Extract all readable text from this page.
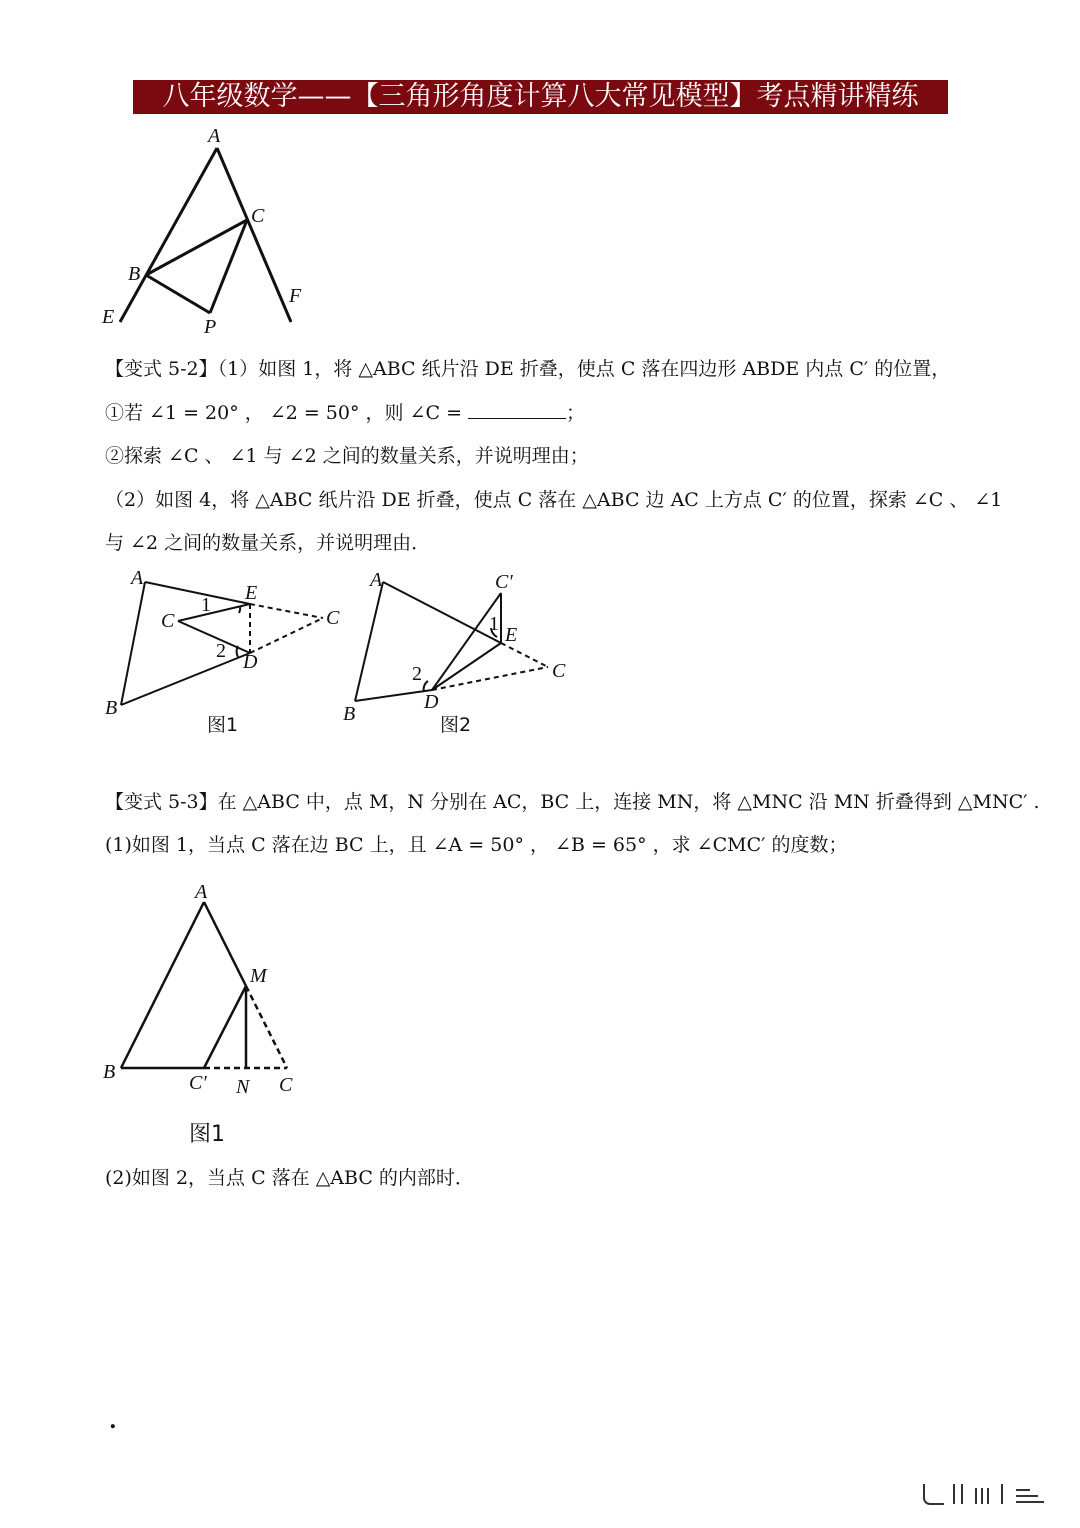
八年级数学——【三角形角度计算八大常见模型】考点精讲精练
A
C
B
F
E	P
【变式 5-2】（1）如图 1，将 △ABC 纸片沿 DE 折叠，使点 C 落在四边形 ABDE 内点 C′ 的位置，
①若 ∠1 = 20° ， ∠2 = 50° ，则 ∠C =	；
②探索 ∠C 、 ∠1 与 ∠2 之间的数量关系，并说明理由；
（2）如图 4，将 △ABC 纸片沿 DE 折叠，使点 C 落在 △ABC 边 AC 上方点 C′ 的位置，探索 ∠C 、 ∠1
与 ∠2 之间的数量关系，并说明理由．
A
E
1
C	C
2 D
B
A	C′
1 E
2
D
C
B
图1	图2
【变式 5-3】在 △ABC 中，点 M，N 分别在 AC，BC 上，连接 MN，将 △MNC 沿 MN 折叠得到 △MNC′ .
(1)如图 1，当点 C 落在边 BC 上，且 ∠A = 50° ， ∠B = 65° ，求 ∠CMC′ 的度数；
A
M
B	C′ N C
图1
(2)如图 2，当点 C 落在 △ABC 的内部时．
.
